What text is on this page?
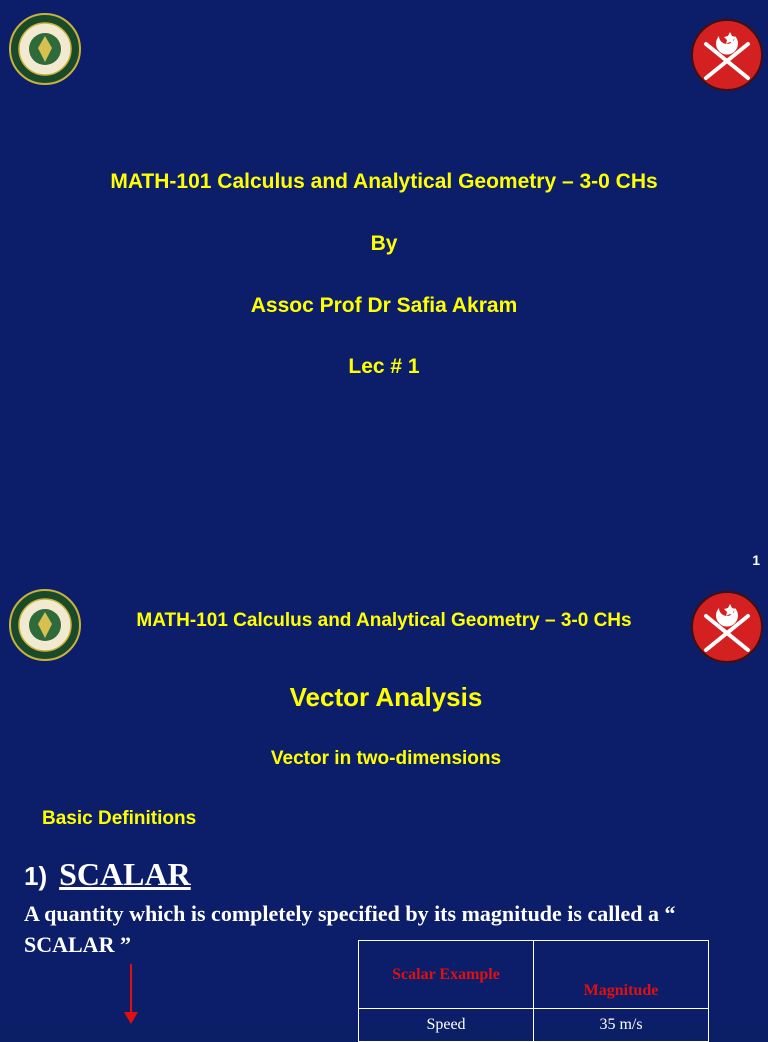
MATH-101 Calculus and Analytical Geometry – 3-0 CHs
By
Assoc Prof Dr Safia Akram
Lec # 1
1
MATH-101 Calculus and Analytical Geometry – 3-0 CHs
Vector Analysis
Vector in two-dimensions
Basic Definitions
1) SCALAR
A quantity which is completely specified by its magnitude is called a “ SCALAR ”
Scalar Example	Magnitude
Speed	35 m/s
